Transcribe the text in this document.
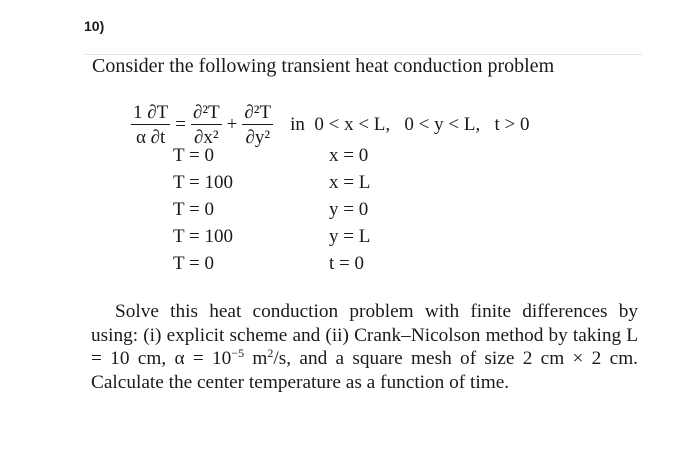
10)
Consider the following transient heat conduction problem
$\frac{1 \partial T}{\alpha \partial t} = \frac{\text{∂²T}}{\text{∂x²}} + \frac{\text{∂²T}}{\text{∂y²}}$ in  0 < x < L,   0 < y < L,   t > 0
T = 0
T = 100
T = 0
T = 100
T = 0
x = 0
x = L
y = 0
y = L
t = 0
Solve this heat conduction problem with finite differences by using: (i) explicit scheme and (ii) Crank–Nicolson method by taking L = 10 cm, $\alpha = 10^{-5}$ $m^2/s$, and a square mesh of size 2 cm × 2 cm. Calculate the center temperature as a function of time.
